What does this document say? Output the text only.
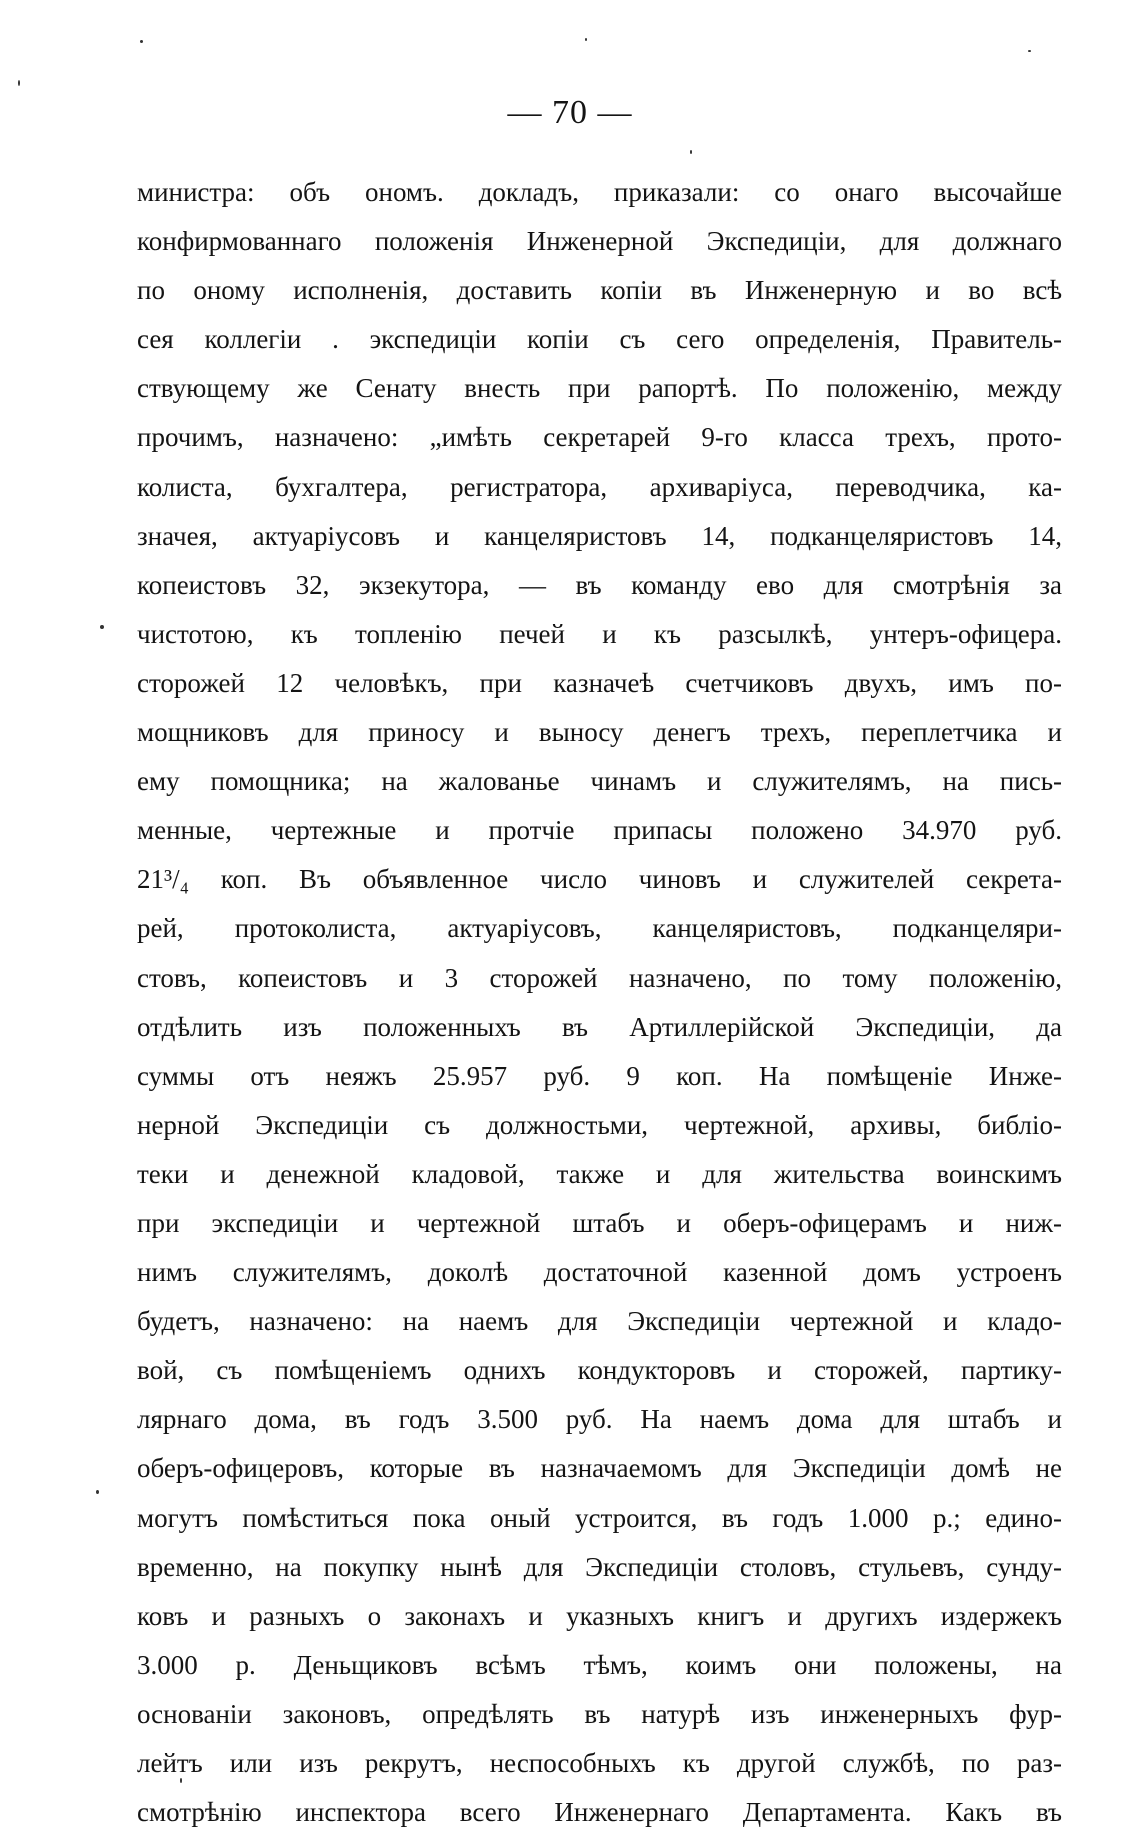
— 70 —
министра: объ ономъ. докладъ, приказали: со онаго высочайше
конфирмованнаго положенія Инженерной Экспедиціи, для должнаго
по оному исполненія, доставить копіи въ Инженерную и во всѣ
сея коллегіи . экспедиціи копіи съ сего определенія, Правитель-
ствующему же Сенату внесть при рапортѣ. По положенію, между
прочимъ, назначено: „имѣть секретарей 9-го класса трехъ, прото-
колиста, бухгалтера, регистратора, архиваріуса, переводчика, ка-
значея, актуаріусовъ и канцеляристовъ 14, подканцеляристовъ 14,
копеистовъ 32, экзекутора, — въ команду ево для смотрѣнія за
чистотою, къ топленію печей и къ разсылкѣ, унтеръ-офицера.
сторожей 12 человѣкъ, при казначеѣ счетчиковъ двухъ, имъ по-
мощниковъ для приносу и выносу денегъ трехъ, переплетчика и
ему помощника; на жалованье чинамъ и служителямъ, на пись-
менные, чертежные и протчіе припасы положено 34.970 руб.
21³/₄ коп. Въ объявленное число чиновъ и служителей секрета-
рей, протоколиста, актуаріусовъ, канцеляристовъ, подканцеляри-
стовъ, копеистовъ и 3 сторожей назначено, по тому положенію,
отдѣлить изъ положенныхъ въ Артиллерійской Экспедиціи, да
суммы отъ неяжъ 25.957 руб. 9 коп. На помѣщеніе Инже-
нерной Экспедиціи съ должностьми, чертежной, архивы, библіо-
теки и денежной кладовой, также и для жительства воинскимъ
при экспедиціи и чертежной штабъ и оберъ-офицерамъ и ниж-
нимъ служителямъ, доколѣ достаточной казенной домъ устроенъ
будетъ, назначено: на наемъ для Экспедиціи чертежной и кладо-
вой, съ помѣщеніемъ однихъ кондукторовъ и сторожей, партику-
лярнаго дома, въ годъ 3.500 руб. На наемъ дома для штабъ и
оберъ-офицеровъ, которые въ назначаемомъ для Экспедиціи домѣ не
могутъ помѣститься пока оный устроится, въ годъ 1.000 р.; едино-
временно, на покупку нынѣ для Экспедиціи столовъ, стульевъ, сунду-
ковъ и разныхъ о законахъ и указныхъ книгъ и другихъ издержекъ
3.000 р. Деньщиковъ всѣмъ тѣмъ, коимъ они положены, на
основаніи законовъ, опредѣлять въ натурѣ изъ инженерныхъ фур-
лейтъ или изъ рекрутъ, неспособныхъ къ другой службѣ, по раз-
смотрѣнію инспектора всего Инженернаго Департамента. Какъ въ
